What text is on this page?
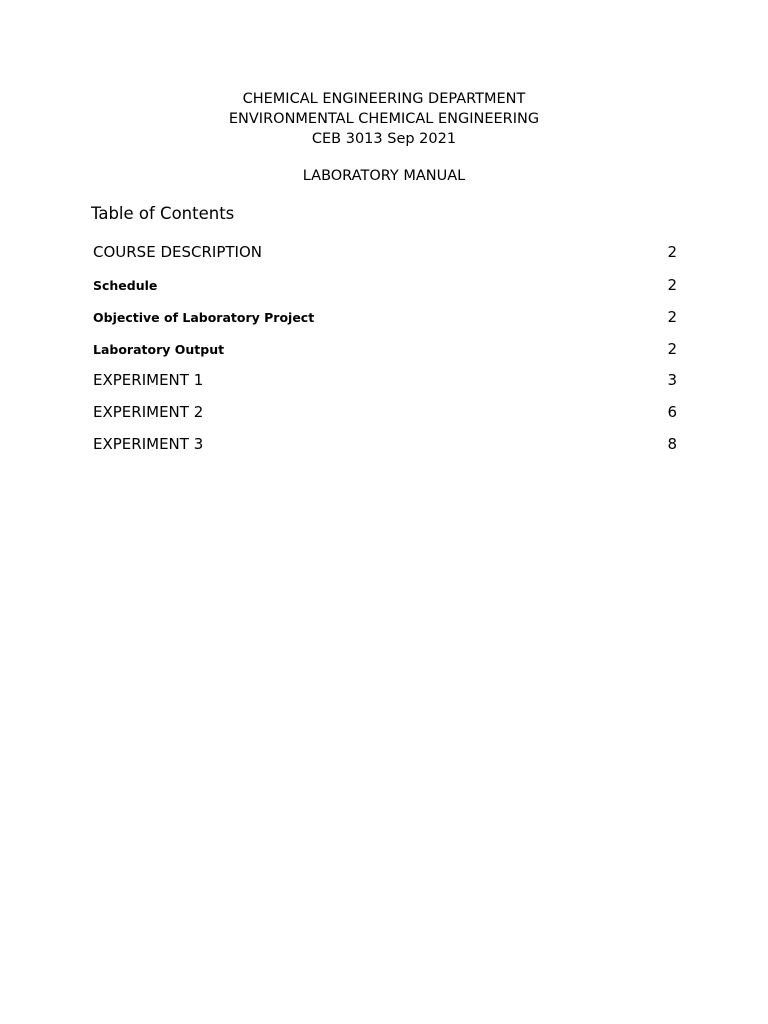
CHEMICAL ENGINEERING DEPARTMENT
ENVIRONMENTAL CHEMICAL ENGINEERING
CEB 3013 Sep 2021
LABORATORY MANUAL
Table of Contents
COURSE DESCRIPTION	2
Schedule	2
Objective of Laboratory Project	2
Laboratory Output	2
EXPERIMENT 1	3
EXPERIMENT 2	6
EXPERIMENT 3	8
